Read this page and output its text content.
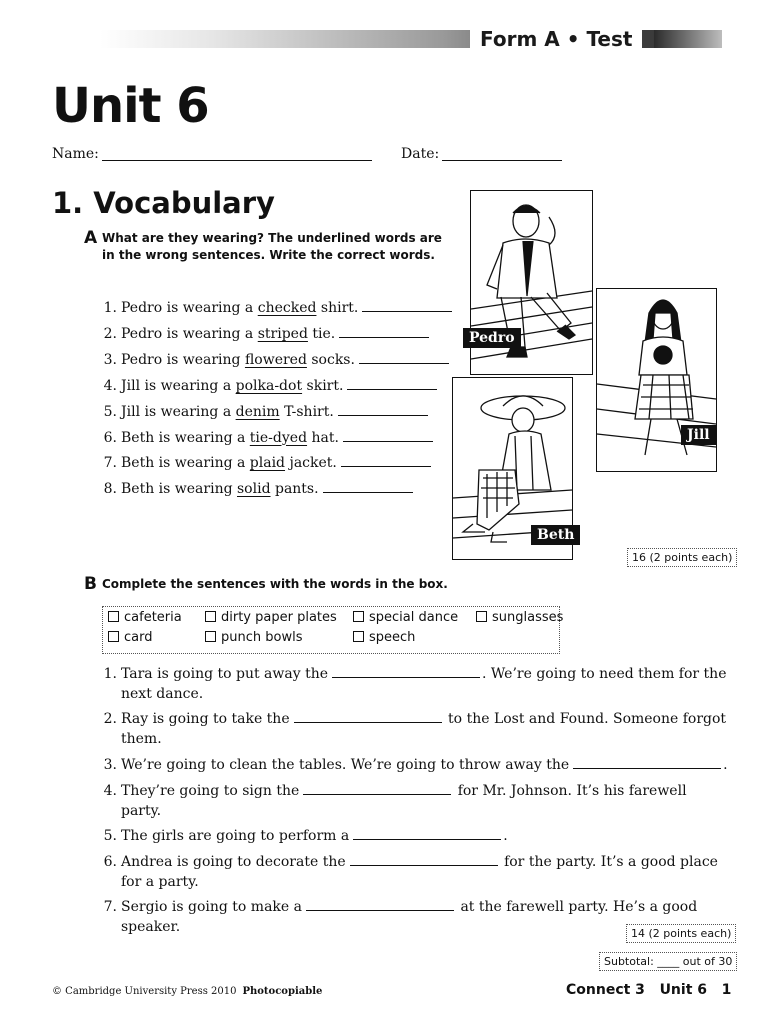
Form A • Test
Unit 6
Name:	Date:
1. Vocabulary
A What are they wearing? The underlined words are in the wrong sentences. Write the correct words.
1. Pedro is wearing a checked shirt.
2. Pedro is wearing a striped tie.
3. Pedro is wearing flowered socks.
4. Jill is wearing a polka-dot skirt.
5. Jill is wearing a denim T-shirt.
6. Beth is wearing a tie-dyed hat.
7. Beth is wearing a plaid jacket.
8. Beth is wearing solid pants.
Pedro
Jill
Beth
16 (2 points each)
B Complete the sentences with the words in the box.
cafeteria	dirty paper plates	special dance	sunglasses
card	punch bowls	speech
1. Tara is going to put away the	. We’re going to need them for the
next dance.
2. Ray is going to take the	to the Lost and Found. Someone forgot
them.
3. We’re going to clean the tables. We’re going to throw away the	.
4. They’re going to sign the	for Mr. Johnson. It’s his farewell
party.
5. The girls are going to perform a	.
6. Andrea is going to decorate the	for the party. It’s a good place
for a party.
7. Sergio is going to make a	at the farewell party. He’s a good
speaker.	14 (2 points each)
Subtotal: ____ out of 30
© Cambridge University Press 2010 Photocopiable	Connect 3 Unit 6 1
